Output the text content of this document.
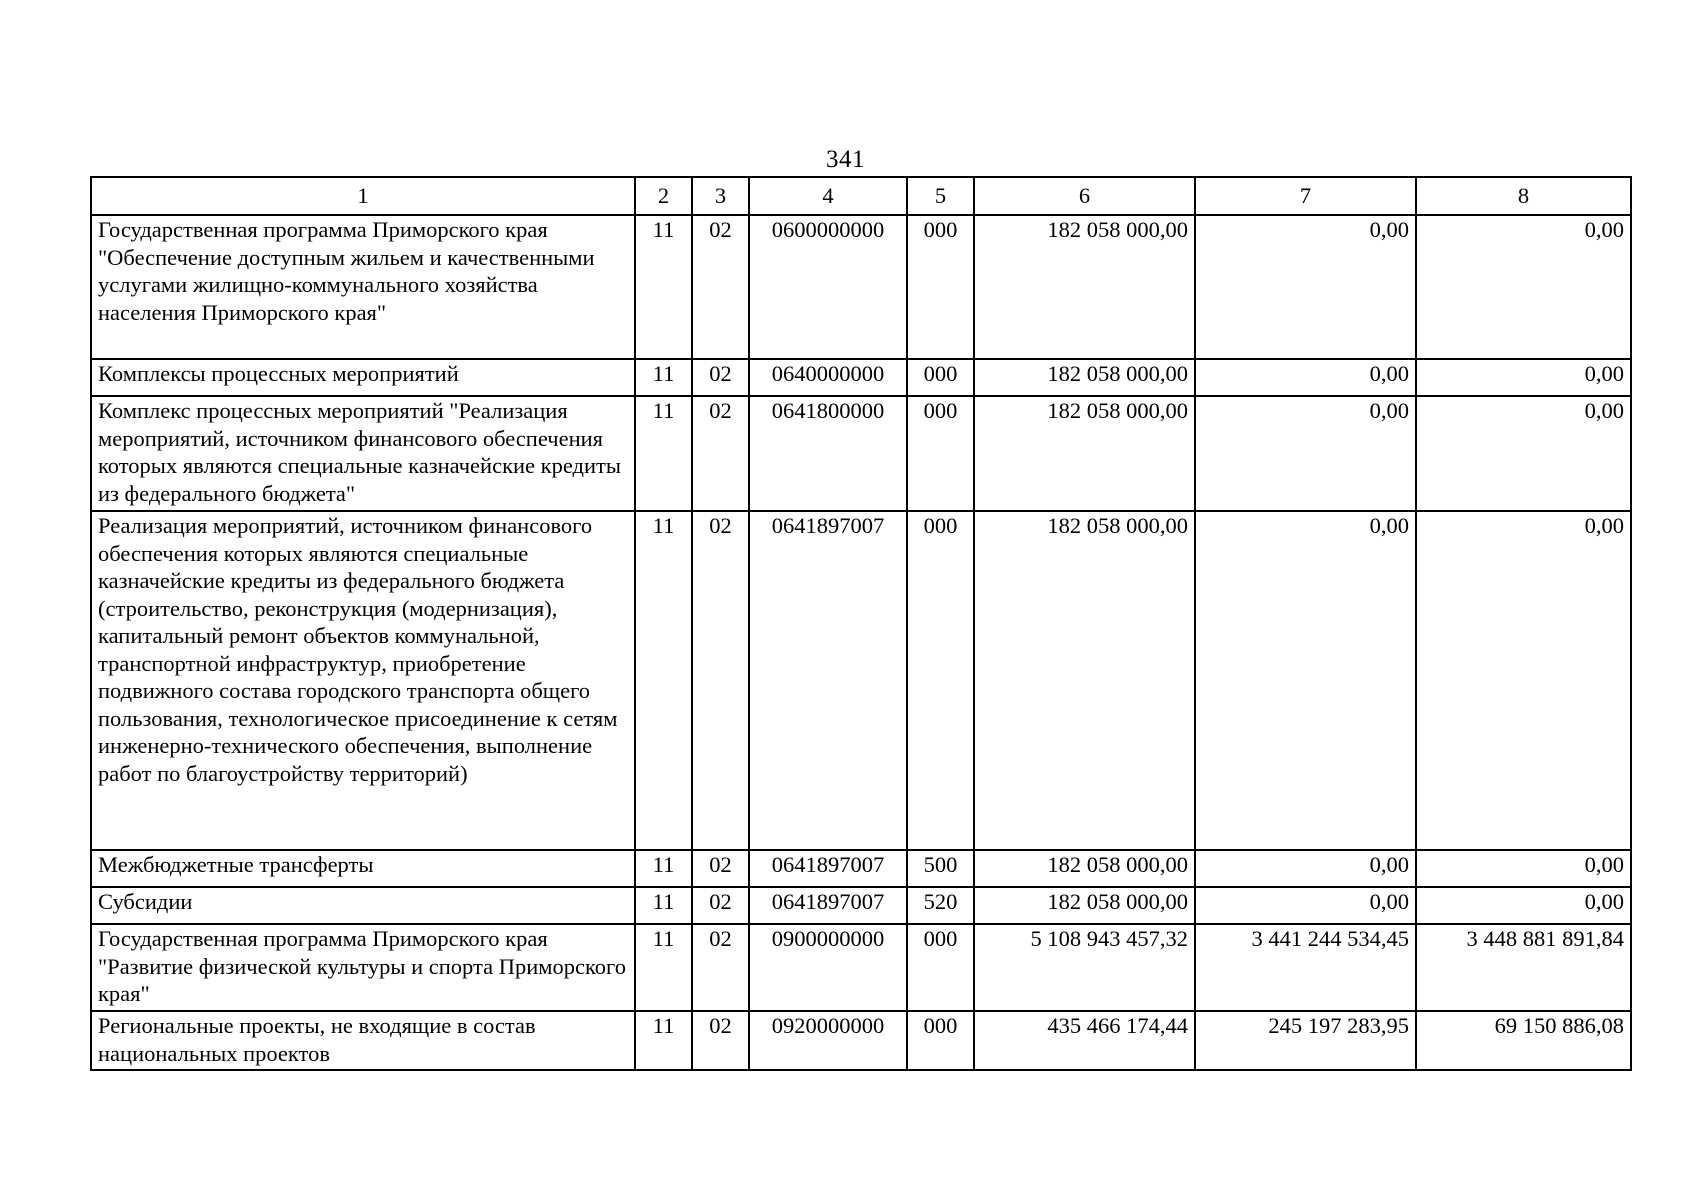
341
1	2	3	4	5	6	7	8
Государственная программа Приморского края "Обеспечение доступным жильем и качественными услугами жилищно-коммунального хозяйства населения Приморского края"	11	02	0600000000	000	182 058 000,00	0,00	0,00
Комплексы процессных мероприятий	11	02	0640000000	000	182 058 000,00	0,00	0,00
Комплекс процессных мероприятий "Реализация мероприятий, источником финансового обеспечения которых являются специальные казначейские кредиты из федерального бюджета"	11	02	0641800000	000	182 058 000,00	0,00	0,00
Реализация мероприятий, источником финансового обеспечения которых являются специальные казначейские кредиты из федерального бюджета (строительство, реконструкция (модернизация), капитальный ремонт объектов коммунальной, транспортной инфраструктур, приобретение подвижного состава городского транспорта общего пользования, технологическое присоединение к сетям инженерно-технического обеспечения, выполнение работ по благоустройству территорий)	11	02	0641897007	000	182 058 000,00	0,00	0,00
Межбюджетные трансферты	11	02	0641897007	500	182 058 000,00	0,00	0,00
Субсидии	11	02	0641897007	520	182 058 000,00	0,00	0,00
Государственная программа Приморского края "Развитие физической культуры и спорта Приморского края"	11	02	0900000000	000	5 108 943 457,32	3 441 244 534,45	3 448 881 891,84
Региональные проекты, не входящие в состав национальных проектов	11	02	0920000000	000	435 466 174,44	245 197 283,95	69 150 886,08
